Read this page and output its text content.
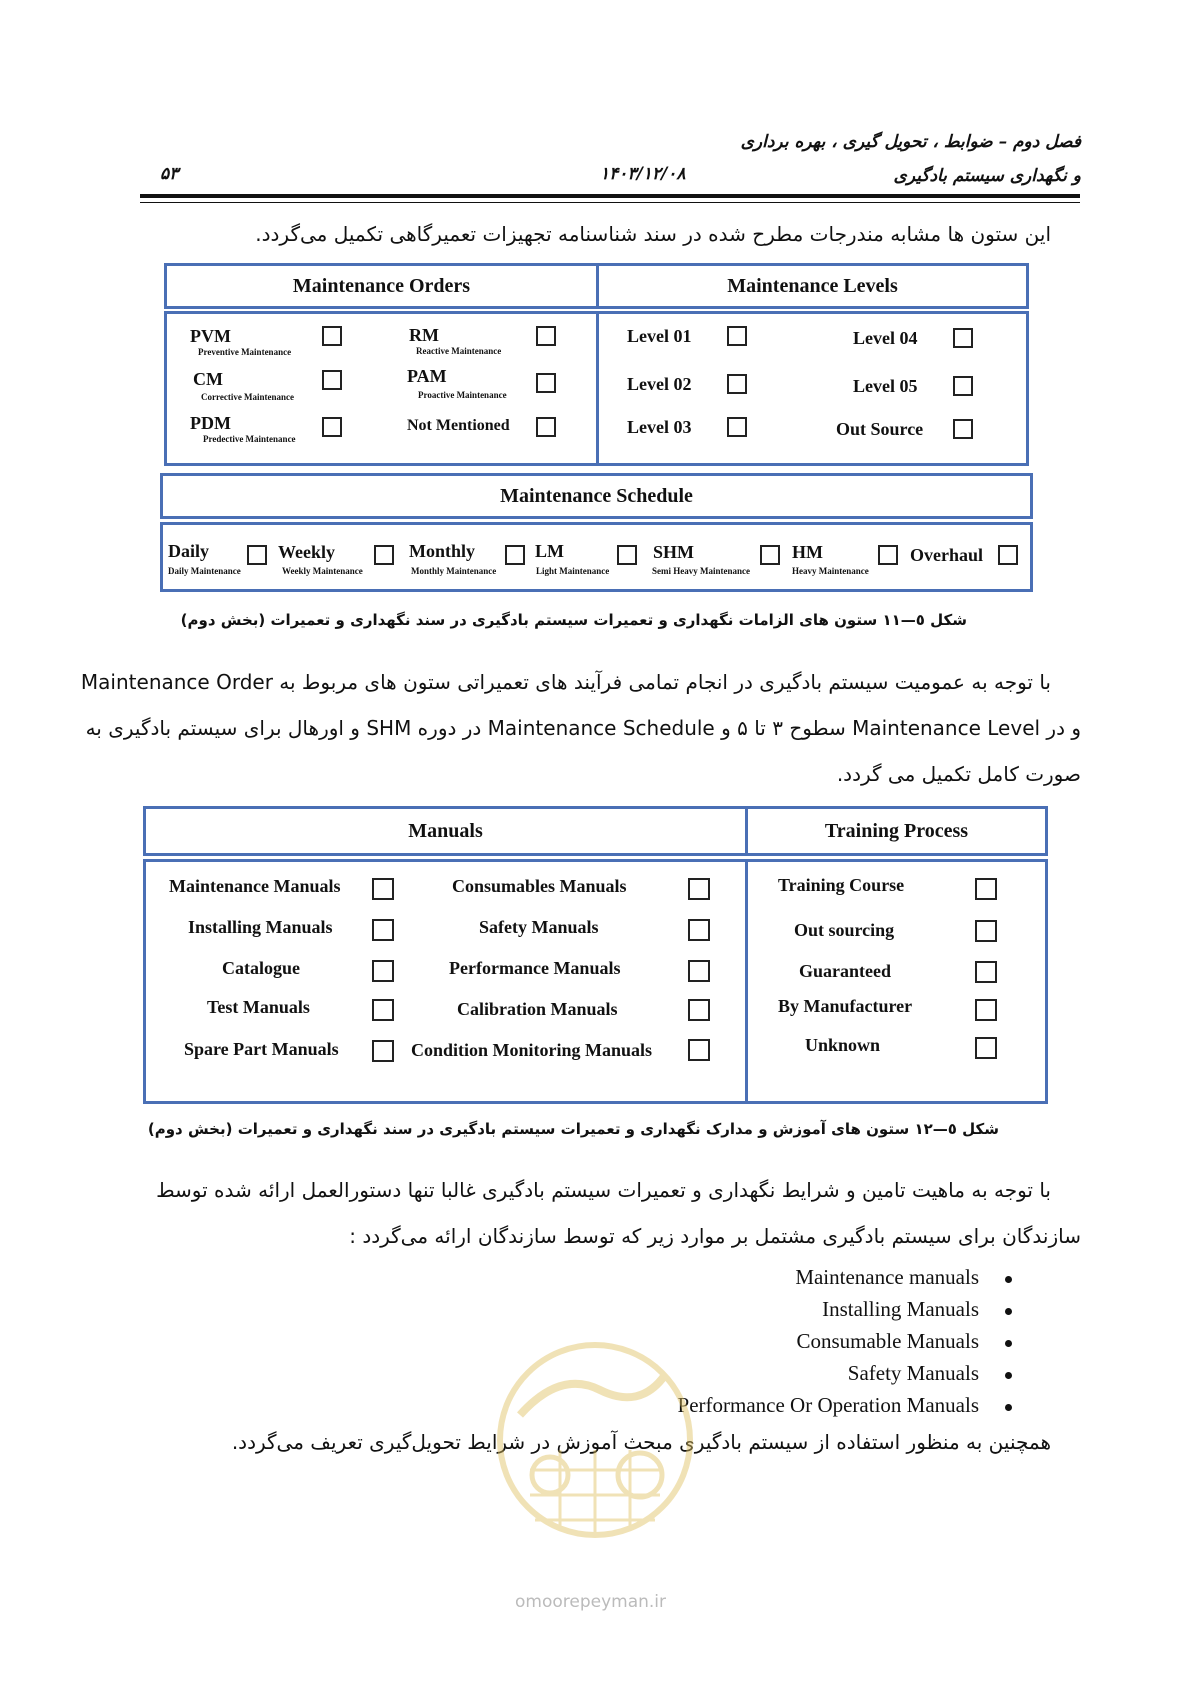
فصل دوم – ضوابط ، تحویل گیری ، بهره برداری
و نگهداری سیستم بادگیری
۱۴۰۳/۱۲/۰۸
۵۳
این ستون ها مشابه مندرجات مطرح شده در سند شناسنامه تجهیزات تعمیرگاهی تکمیل می‌گردد.
Maintenance Orders	Maintenance Levels
PVM
Preventive Maintenance
CM
Corrective Maintenance
PDM
Predective Maintenance
RM
Reactive Maintenance
PAM
Proactive Maintenance
Not Mentioned
Level 01
Level 02
Level 03
Level 04
Level 05
Out Source
Maintenance Schedule
Daily
Daily Maintenance
Weekly
Weekly Maintenance
Monthly
Monthly Maintenance
LM
Light Maintenance
SHM
Semi Heavy Maintenance
HM
Heavy Maintenance
Overhaul
شکل ٥—١١ ستون های الزامات نگهداری و تعمیرات سیستم بادگیری در سند نگهداری و تعمیرات (بخش دوم)
با توجه به عمومیت سیستم بادگیری در انجام تمامی فرآیند های تعمیراتی ستون های مربوط به Maintenance Order
و در Maintenance Level سطوح ۳ تا ۵ و Maintenance Schedule در دوره SHM و اورهال برای سیستم بادگیری به
صورت کامل تکمیل می گردد.
Manuals	Training Process
Maintenance Manuals
Installing Manuals
Catalogue
Test Manuals
Spare Part Manuals
Consumables Manuals
Safety Manuals
Performance Manuals
Calibration Manuals
Condition Monitoring Manuals
Training Course
Out sourcing
Guaranteed
By Manufacturer
Unknown
شکل ٥—١٢ ستون های آموزش و مدارک نگهداری و تعمیرات سیستم بادگیری در سند نگهداری و تعمیرات (بخش دوم)
با توجه به ماهیت تامین و شرایط نگهداری و تعمیرات سیستم بادگیری غالبا تنها دستورالعمل ارائه شده توسط
سازندگان برای سیستم بادگیری مشتمل بر موارد زیر که توسط سازندگان ارائه می‌گردد :
Maintenance manuals
Installing Manuals
Consumable Manuals
Safety Manuals
Performance Or Operation Manuals
همچنین به منظور استفاده از سیستم بادگیری مبحث آموزش در شرایط تحویل‌گیری تعریف می‌گردد.
omoorepeyman.ir
